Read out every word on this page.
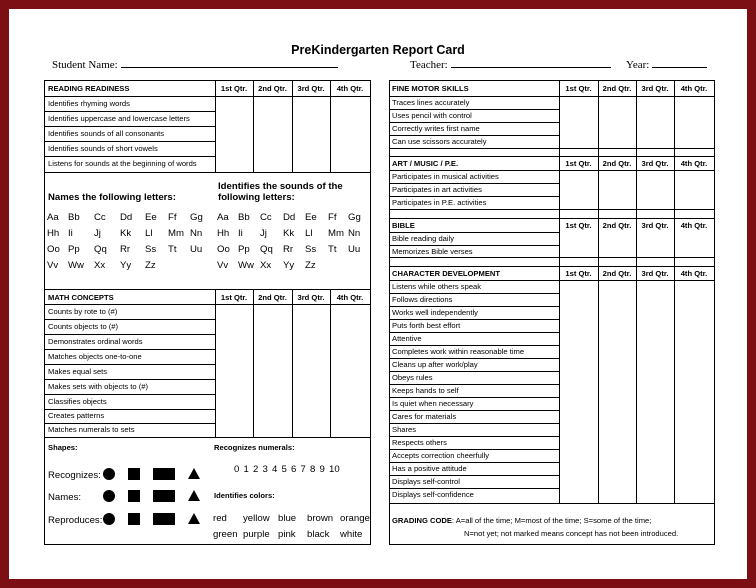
PreKindergarten Report Card
Student Name:	Teacher:	Year:
READING READINESS	1st Qtr.	2nd Qtr.	3rd Qtr.	4th Qtr.
Identifies rhyming words
Identifies uppercase and lowercase letters
Identifies sounds of all consonants
Identifies sounds of short vowels
Listens for sounds at the beginning of words
Names the following letters:
Identifies the sounds of the
following letters:
MATH CONCEPTS	1st Qtr.	2nd Qtr.	3rd Qtr.	4th Qtr.
Counts by rote to (#)
Counts objects to (#)
Demonstrates ordinal words
Matches objects one-to-one
Makes equal sets
Makes sets with objects to (#)
Classifies objects
Creates patterns
Matches numerals to sets
Shapes:	Recognizes numerals:
0 1 2 3 4 5 6 7 8 9 10
Identifies colors:
Recognizes:
Names:
Reproduces:
Aa Bb Cc Dd Ee Ff Gg
Hh Ii Jj Kk Ll Mm Nn
Oo Pp Qq Rr Ss Tt Uu
Vv Ww Xx Yy Zz
Aa Bb Cc Dd Ee Ff Gg
Hh Ii Jj Kk Ll Mm Nn
Oo Pp Qq Rr Ss Tt Uu
Vv Ww Xx Yy Zz
red yellow blue brown orange
green purple pink black white
FINE MOTOR SKILLS	1st Qtr.	2nd Qtr.	3rd Qtr.	4th Qtr.
Traces lines accurately
Uses pencil with control
Correctly writes first name
Can use scissors accurately
ART / MUSIC / P.E.	1st Qtr.	2nd Qtr.	3rd Qtr.	4th Qtr.
Participates in musical activities
Participates in art activities
Participates in P.E. activities
BIBLE	1st Qtr.	2nd Qtr.	3rd Qtr.	4th Qtr.
Bible reading daily
Memorizes Bible verses
CHARACTER DEVELOPMENT	1st Qtr.	2nd Qtr.	3rd Qtr.	4th Qtr.
Listens while others speak
Follows directions
Works well independently
Puts forth best effort
Attentive
Completes work within reasonable time
Cleans up after work/play
Obeys rules
Keeps hands to self
Is quiet when necessary
Cares for materials
Shares
Respects others
Accepts correction cheerfully
Has a positive attitude
Displays self-control
Displays self-confidence
GRADING CODE: A=all of the time; M=most of the time; S=some of the time;
N=not yet; not marked means concept has not been introduced.
